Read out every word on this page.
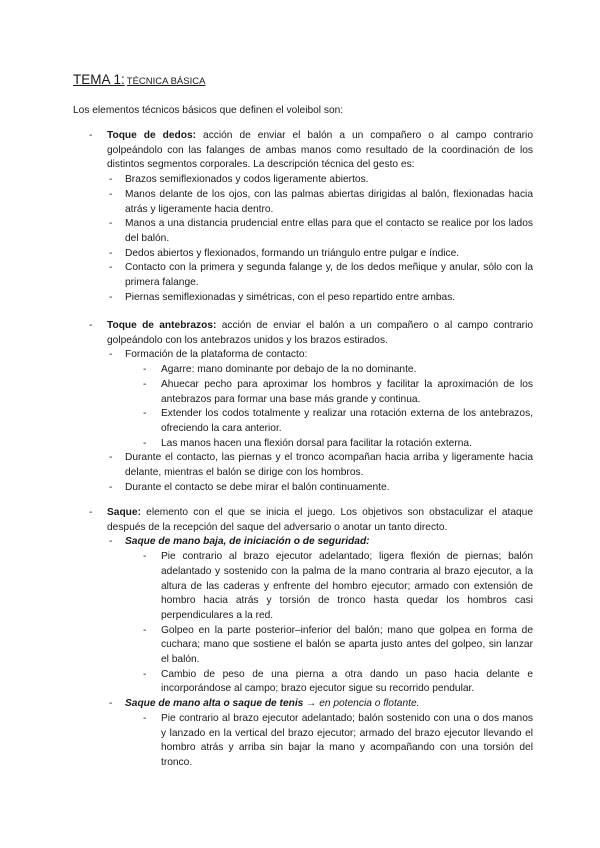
TEMA 1: TÉCNICA BÁSICA
Los elementos técnicos básicos que definen el voleibol son:
- Toque de dedos: acción de enviar el balón a un compañero o al campo contrario golpeándolo con las falanges de ambas manos como resultado de la coordinación de los distintos segmentos corporales. La descripción técnica del gesto es:
- Brazos semiflexionados y codos ligeramente abiertos.
- Manos delante de los ojos, con las palmas abiertas dirigidas al balón, flexionadas hacia atrás y ligeramente hacia dentro.
- Manos a una distancia prudencial entre ellas para que el contacto se realice por los lados del balón.
- Dedos abiertos y flexionados, formando un triángulo entre pulgar e índice.
- Contacto con la primera y segunda falange y, de los dedos meñique y anular, sólo con la primera falange.
- Piernas semiflexionadas y simétricas, con el peso repartido entre ambas.
- Toque de antebrazos: acción de enviar el balón a un compañero o al campo contrario golpeándolo con los antebrazos unidos y los brazos estirados.
- Formación de la plataforma de contacto:
- Agarre: mano dominante por debajo de la no dominante.
- Ahuecar pecho para aproximar los hombros y facilitar la aproximación de los antebrazos para formar una base más grande y continua.
- Extender los codos totalmente y realizar una rotación externa de los antebrazos, ofreciendo la cara anterior.
- Las manos hacen una flexión dorsal para facilitar la rotación externa.
- Durante el contacto, las piernas y el tronco acompañan hacia arriba y ligeramente hacia delante, mientras el balón se dirige con los hombros.
- Durante el contacto se debe mirar el balón continuamente.
- Saque: elemento con el que se inicia el juego. Los objetivos son obstaculizar el ataque después de la recepción del saque del adversario o anotar un tanto directo.
- Saque de mano baja, de iniciación o de seguridad:
- Pie contrario al brazo ejecutor adelantado; ligera flexión de piernas; balón adelantado y sostenido con la palma de la mano contraria al brazo ejecutor, a la altura de las caderas y enfrente del hombro ejecutor; armado con extensión de hombro hacia atrás y torsión de tronco hasta quedar los hombros casi perpendiculares a la red.
- Golpeo en la parte posterior–inferior del balón; mano que golpea en forma de cuchara; mano que sostiene el balón se aparta justo antes del golpeo, sin lanzar el balón.
- Cambio de peso de una pierna a otra dando un paso hacia delante e incorporándose al campo; brazo ejecutor sigue su recorrido pendular.
- Saque de mano alta o saque de tenis → en potencia o flotante.
- Pie contrario al brazo ejecutor adelantado; balón sostenido con una o dos manos y lanzado en la vertical del brazo ejecutor; armado del brazo ejecutor llevando el hombro atrás y arriba sin bajar la mano y acompañando con una torsión del tronco.
